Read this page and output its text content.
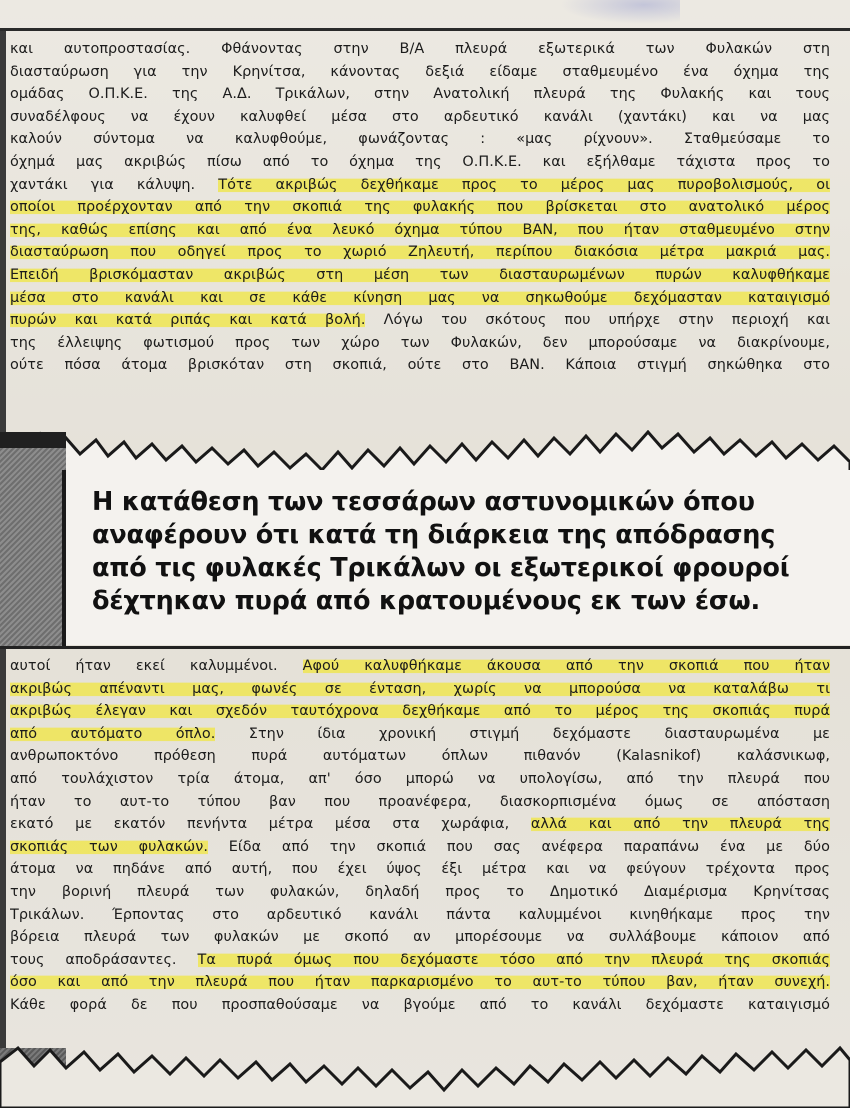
και αυτοπροστασίας. Φθάνοντας στην Β/Α πλευρά εξωτερικά των Φυλακών στη
διασταύρωση για την Κρηνίτσα, κάνοντας δεξιά είδαμε σταθμευμένο ένα όχημα της
ομάδας Ο.Π.Κ.Ε. της Α.Δ. Τρικάλων, στην Ανατολική πλευρά της Φυλακής και τους
συναδέλφους να έχουν καλυφθεί μέσα στο αρδευτικό κανάλι (χαντάκι) και να μας
καλούν σύντομα να καλυφθούμε, φωνάζοντας : «μας ρίχνουν». Σταθμεύσαμε το
όχημά μας ακριβώς πίσω από το όχημα της Ο.Π.Κ.Ε. και εξήλθαμε τάχιστα προς το
χαντάκι για κάλυψη. Τότε ακριβώς δεχθήκαμε προς το μέρος μας πυροβολισμούς, οι
οποίοι προέρχονταν από την σκοπιά της φυλακής που βρίσκεται στο ανατολικό μέρος
της, καθώς επίσης και από ένα λευκό όχημα τύπου ΒΑΝ, που ήταν σταθμευμένο στην
διασταύρωση που οδηγεί προς το χωριό Ζηλευτή, περίπου διακόσια μέτρα μακριά μας.
Επειδή βρισκόμασταν ακριβώς στη μέση των διασταυρωμένων πυρών καλυφθήκαμε
μέσα στο κανάλι και σε κάθε κίνηση μας να σηκωθούμε δεχόμασταν καταιγισμό
πυρών και κατά ριπάς και κατά βολή. Λόγω του σκότους που υπήρχε στην περιοχή και
της έλλειψης φωτισμού προς των χώρο των Φυλακών, δεν μπορούσαμε να διακρίνουμε,
ούτε πόσα άτομα βρισκόταν στη σκοπιά, ούτε στο ΒΑΝ. Κάποια στιγμή σηκώθηκα στο
Η κατάθεση των τεσσάρων αστυνομικών όπου
αναφέρουν ότι κατά τη διάρκεια της απόδρασης
από τις φυλακές Τρικάλων οι εξωτερικοί φρουροί
δέχτηκαν πυρά από κρατουμένους εκ των έσω.
αυτοί ήταν εκεί καλυμμένοι. Αφού καλυφθήκαμε άκουσα από την σκοπιά που ήταν
ακριβώς απέναντι μας, φωνές σε ένταση, χωρίς να μπορούσα να καταλάβω τι
ακριβώς έλεγαν και σχεδόν ταυτόχρονα δεχθήκαμε από το μέρος της σκοπιάς πυρά
από αυτόματο όπλο. Στην ίδια χρονική στιγμή δεχόμαστε διασταυρωμένα με
ανθρωποκτόνο πρόθεση πυρά αυτόματων όπλων πιθανόν (Kalasnikof) καλάσνικωφ,
από τουλάχιστον τρία άτομα, απ' όσο μπορώ να υπολογίσω, από την πλευρά που
ήταν το αυτ-το τύπου βαν που προανέφερα, διασκορπισμένα όμως σε απόσταση
εκατό με εκατόν πενήντα μέτρα μέσα στα χωράφια, αλλά και από την πλευρά της
σκοπιάς των φυλακών. Είδα από την σκοπιά που σας ανέφερα παραπάνω ένα με δύο
άτομα να πηδάνε από αυτή, που έχει ύψος έξι μέτρα και να φεύγουν τρέχοντα προς
την βορινή πλευρά των φυλακών, δηλαδή προς το Δημοτικό Διαμέρισμα Κρηνίτσας
Τρικάλων. Έρποντας στο αρδευτικό κανάλι πάντα καλυμμένοι κινηθήκαμε προς την
βόρεια πλευρά των φυλακών με σκοπό αν μπορέσουμε να συλλάβουμε κάποιον από
τους αποδράσαντες. Τα πυρά όμως που δεχόμαστε τόσο από την πλευρά της σκοπιάς
όσο και από την πλευρά που ήταν παρκαρισμένο το αυτ-το τύπου βαν, ήταν συνεχή.
Κάθε φορά δε που προσπαθούσαμε να βγούμε από το κανάλι δεχόμαστε καταιγισμό
